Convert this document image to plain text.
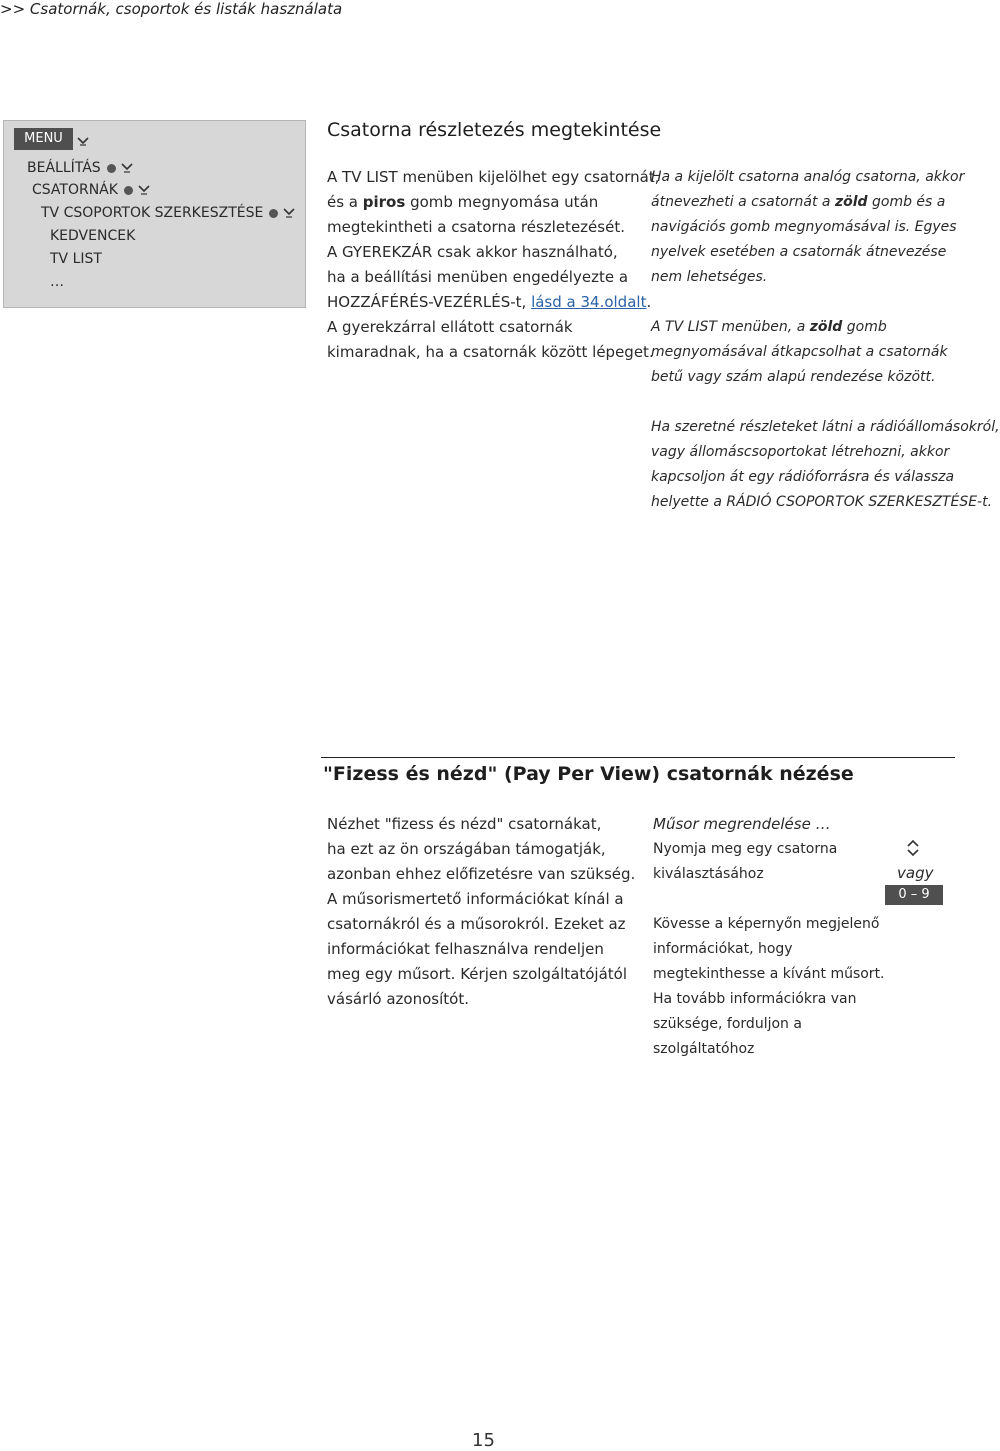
>> Csatornák, csoportok és listák használata
MENU
BEÁLLÍTÁS
CSATORNÁK
TV CSOPORTOK SZERKESZTÉSE
KEDVENCEK
TV LIST
…
Csatorna részletezés megtekintése
A TV LIST menüben kijelölhet egy csatornát,
és a piros gomb megnyomása után
megtekintheti a csatorna részletezését.
A GYEREKZÁR csak akkor használható,
ha a beállítási menüben engedélyezte a
HOZZÁFÉRÉS-VEZÉRLÉS-t, lásd a 34.oldalt.
A gyerekzárral ellátott csatornák
kimaradnak, ha a csatornák között lépeget.
Ha a kijelölt csatorna analóg csatorna, akkor
átnevezheti a csatornát a zöld gomb és a
navigációs gomb megnyomásával is. Egyes
nyelvek esetében a csatornák átnevezése
nem lehetséges.
A TV LIST menüben, a zöld gomb
megnyomásával átkapcsolhat a csatornák
betű vagy szám alapú rendezése között.
Ha szeretné részleteket látni a rádióállomásokról,
vagy állomáscsoportokat létrehozni, akkor
kapcsoljon át egy rádióforrásra és válassza
helyette a RÁDIÓ CSOPORTOK SZERKESZTÉSE-t.
"Fizess és nézd" (Pay Per View) csatornák nézése
Nézhet "fizess és nézd" csatornákat,
ha ezt az ön országában támogatják,
azonban ehhez előfizetésre van szükség.
A műsorismertető információkat kínál a
csatornákról és a műsorokról. Ezeket az
információkat felhasználva rendeljen
meg egy műsort. Kérjen szolgáltatójától
vásárló azonosítót.
Műsor megrendelése …
Nyomja meg egy csatorna
kiválasztásához
Kövesse a képernyőn megjelenő
információkat, hogy
megtekinthesse a kívánt műsort.
Ha tovább információkra van
szüksége, forduljon a
szolgáltatóhoz
vagy
0 – 9
15
